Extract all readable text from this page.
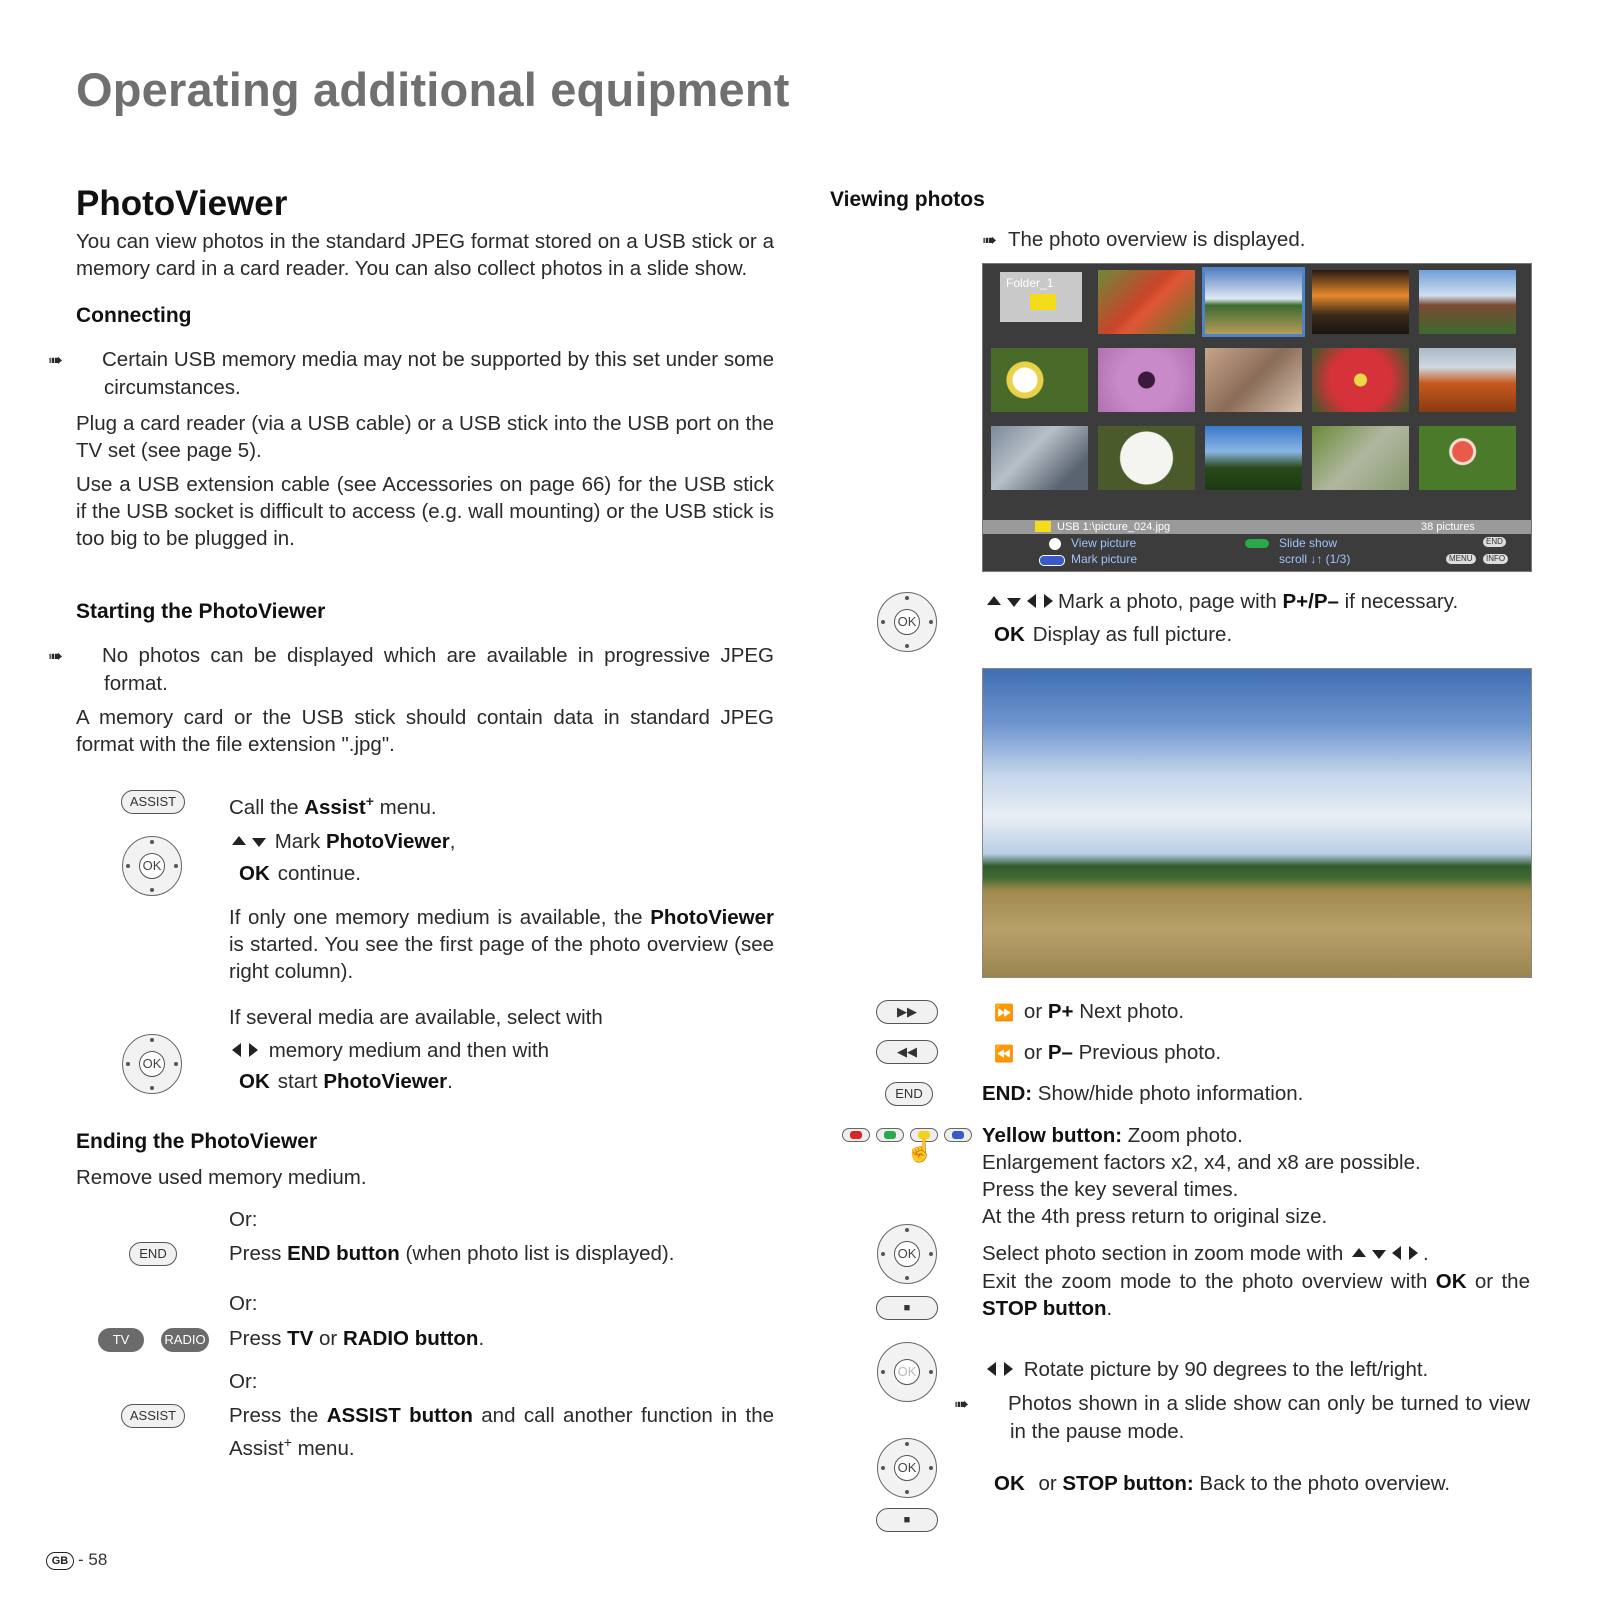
Operating additional equipment
PhotoViewer
You can view photos in the standard JPEG format stored on a USB stick or a memory card in a card reader. You can also collect photos in a slide show.
Connecting
➠ Certain USB memory media may not be supported by this set under some circumstances.
Plug a card reader (via a USB cable) or a USB stick into the USB port on the TV set (see page 5).
Use a USB extension cable (see Accessories on page 66) for the USB stick if the USB socket is difficult to access (e.g. wall mounting) or the USB stick is too big to be plugged in.
Starting the PhotoViewer
➠ No photos can be displayed which are available in progressive JPEG format.
A memory card or the USB stick should contain data in standard JPEG format with the file extension ".jpg".
ASSIST	Call the Assist+ menu.
OK
Mark PhotoViewer,
OK continue.
If only one memory medium is available, the PhotoViewer is started. You see the first page of the photo overview (see right column).
If several media are available, select with
OK
memory medium and then with
OK start PhotoViewer.
Ending the PhotoViewer
Remove used memory medium.
Or:
END	Press END button (when photo list is displayed).
Or:
TV	RADIO Press TV or RADIO button.
Or:
ASSIST	Press the ASSIST button and call another function in the Assist+ menu.
Viewing photos
➠ The photo overview is displayed.
Folder_1
USB 1:\picture_024.jpg	38 pictures
View picture
Mark picture
Slide show
scroll ↓↑ (1/3)
END
MENU	INFO
OK
Mark a photo, page with P+/P– if necessary.
OK Display as full picture.
▶▶	⏩ or P+ Next photo.
◀◀	⏪ or P– Previous photo.
END	END: Show/hide photo information.
☝
Yellow button: Zoom photo.
Enlargement factors x2, x4, and x8 are possible.
Press the key several times.
At the 4th press return to original size.
OK
■
Select photo section in zoom mode with	.
Exit the zoom mode to the photo overview with OK or the STOP button.
OK	Rotate picture by 90 degrees to the left/right.
➠ Photos shown in a slide show can only be turned to view in the pause mode.
OK
■
OK or STOP button: Back to the photo overview.
GB - 58
